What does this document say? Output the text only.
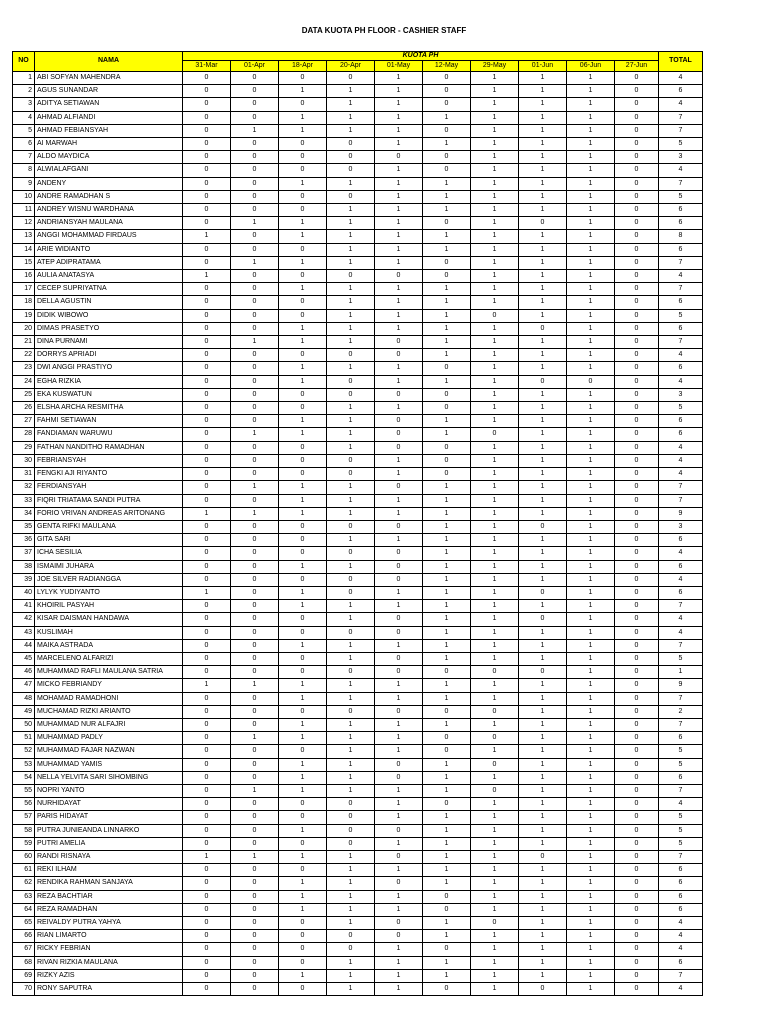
DATA KUOTA PH FLOOR - CASHIER STAFF
NO	NAMA	KUOTA PH										TOTAL
		31-Mar	01-Apr	18-Apr	20-Apr	01-May	12-May	29-May	01-Jun	06-Jun	27-Jun	
1	ABI SOFYAN MAHENDRA	0	0	0	0	1	0	1	1	1	0	4
2	AGUS SUNANDAR	0	0	1	1	1	0	1	1	1	0	6
3	ADITYA SETIAWAN	0	0	0	1	1	0	1	1	1	0	4
4	AHMAD ALFIANDI	0	0	1	1	1	1	1	1	1	0	7
5	AHMAD FEBIANSYAH	0	1	1	1	1	0	1	1	1	0	7
6	AI MARWAH	0	0	0	0	1	1	1	1	1	0	5
7	ALDO MAYDICA	0	0	0	0	0	0	1	1	1	0	3
8	ALWIALAFGANI	0	0	0	0	1	0	1	1	1	0	4
9	ANDENY	0	0	1	1	1	1	1	1	1	0	7
10	ANDRE RAMADHAN S	0	0	0	0	1	1	1	1	1	0	5
11	ANDREY WISNU WARDHANA	0	0	0	1	1	1	1	1	1	0	6
12	ANDRIANSYAH MAULANA	0	1	1	1	1	0	1	0	1	0	6
13	ANGGI MOHAMMAD FIRDAUS	1	0	1	1	1	1	1	1	1	0	8
14	ARIE WIDIANTO	0	0	0	1	1	1	1	1	1	0	6
15	ATEP ADIPRATAMA	0	1	1	1	1	0	1	1	1	0	7
16	AULIA ANATASYA	1	0	0	0	0	0	1	1	1	0	4
17	CECEP SUPRIYATNA	0	0	1	1	1	1	1	1	1	0	7
18	DELLA AGUSTIN	0	0	0	1	1	1	1	1	1	0	6
19	DIDIK WIBOWO	0	0	0	1	1	1	0	1	1	0	5
20	DIMAS PRASETYO	0	0	1	1	1	1	1	0	1	0	6
21	DINA PURNAMI	0	1	1	1	0	1	1	1	1	0	7
22	DORRYS APRIADI	0	0	0	0	0	1	1	1	1	0	4
23	DWI ANGGI PRASTIYO	0	0	1	1	1	0	1	1	1	0	6
24	EGHA RIZKIA	0	0	1	0	1	1	1	0	0	0	4
25	EKA KUSWATUN	0	0	0	0	0	0	1	1	1	0	3
26	ELSHA ARCHA RESMITHA	0	0	0	1	1	0	1	1	1	0	5
27	FAHMI SETIAWAN	0	0	1	1	0	1	1	1	1	0	6
28	FANDIAMAN WARUWU	0	1	1	1	0	1	0	1	1	0	6
29	FATHAN NANDITHO RAMADHAN	0	0	0	1	0	0	1	1	1	0	4
30	FEBRIANSYAH	0	0	0	0	1	0	1	1	1	0	4
31	FENGKI AJI RIYANTO	0	0	0	0	1	0	1	1	1	0	4
32	FERDIANSYAH	0	1	1	1	0	1	1	1	1	0	7
33	FIQRI TRIATAMA SANDI PUTRA	0	0	1	1	1	1	1	1	1	0	7
34	FORIO VRIVAN ANDREAS ARITONANG	1	1	1	1	1	1	1	1	1	0	9
35	GENTA RIFKI MAULANA	0	0	0	0	0	1	1	0	1	0	3
36	GITA SARI	0	0	0	1	1	1	1	1	1	0	6
37	ICHA SESILIA	0	0	0	0	0	1	1	1	1	0	4
38	ISMAIMI JUHARA	0	0	1	1	0	1	1	1	1	0	6
39	JOE SILVER RADIANGGA	0	0	0	0	0	1	1	1	1	0	4
40	LYLYK YUDIYANTO	1	0	1	0	1	1	1	0	1	0	6
41	KHOIRIL PASYAH	0	0	1	1	1	1	1	1	1	0	7
42	KISAR DAISMAN HANDAWA	0	0	0	1	0	1	1	0	1	0	4
43	KUSLIMAH	0	0	0	0	0	1	1	1	1	0	4
44	MAIKA ASTRADA	0	0	1	1	1	1	1	1	1	0	7
45	MARCELENO ALFARIZI	0	0	0	1	0	1	1	1	1	0	5
46	MUHAMMAD RAFLI MAULANA SATRIA	0	0	0	0	0	0	0	0	1	0	1
47	MICKO FEBRIANDY	1	1	1	1	1	1	1	1	1	0	9
48	MOHAMAD RAMADHONI	0	0	1	1	1	1	1	1	1	0	7
49	MUCHAMAD RIZKI ARIANTO	0	0	0	0	0	0	0	1	1	0	2
50	MUHAMMAD NUR ALFAJRI	0	0	1	1	1	1	1	1	1	0	7
51	MUHAMMAD PADLY	0	1	1	1	1	0	0	1	1	0	6
52	MUHAMMAD FAJAR NAZWAN	0	0	0	1	1	0	1	1	1	0	5
53	MUHAMMAD YAMIS	0	0	1	1	0	1	0	1	1	0	5
54	NELLA YELVITA SARI SIHOMBING	0	0	1	1	0	1	1	1	1	0	6
55	NOPRI YANTO	0	1	1	1	1	1	0	1	1	0	7
56	NURHIDAYAT	0	0	0	0	1	0	1	1	1	0	4
57	PARIS HIDAYAT	0	0	0	0	1	1	1	1	1	0	5
58	PUTRA JUNIEANDA LINNARKO	0	0	1	0	0	1	1	1	1	0	5
59	PUTRI AMELIA	0	0	0	0	1	1	1	1	1	0	5
60	RANDI RISNAYA	1	1	1	1	0	1	1	0	1	0	7
61	REKI ILHAM	0	0	0	1	1	1	1	1	1	0	6
62	RENDIKA RAHMAN SANJAYA	0	0	1	1	0	1	1	1	1	0	6
63	REZA BACHTIAR	0	0	1	1	1	0	1	1	1	0	6
64	REZA RAMADHAN	0	0	1	1	1	0	1	1	1	0	6
65	REIVALDY PUTRA YAHYA	0	0	0	1	0	1	0	1	1	0	4
66	RIAN LIMARTO	0	0	0	0	0	1	1	1	1	0	4
67	RICKY FEBRIAN	0	0	0	0	1	0	1	1	1	0	4
68	RIVAN RIZKIA MAULANA	0	0	0	1	1	1	1	1	1	0	6
69	RIZKY AZIS	0	0	1	1	1	1	1	1	1	0	7
70	RONY SAPUTRA	0	0	0	1	1	0	1	0	1	0	4
